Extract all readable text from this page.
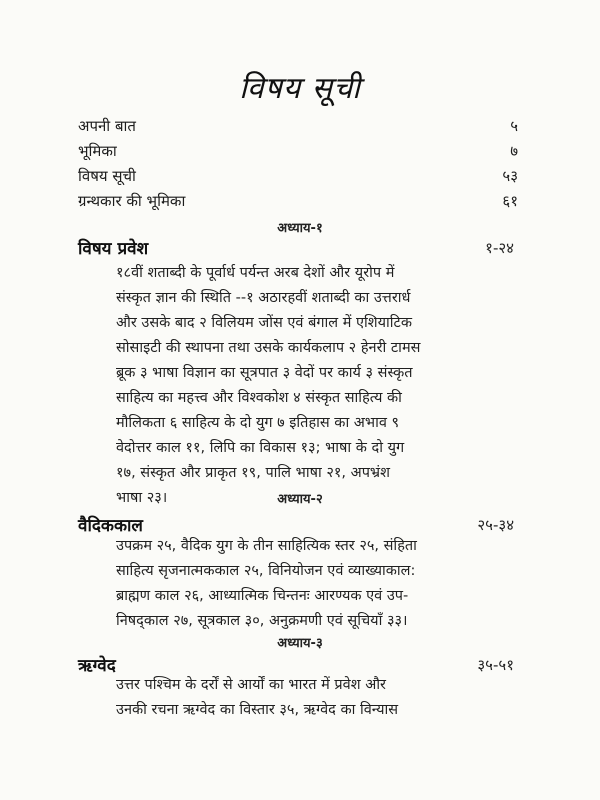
विषय सूची
अपनी बात	५
भूमिका	७
विषय सूची	५३
ग्रन्थकार की भूमिका	६१
अध्याय-१
विषय प्रवेश	१-२४
१८वीं शताब्दी के पूर्वार्ध पर्यन्त अरब देशों और यूरोप में
संस्कृत ज्ञान की स्थिति --१ अठारहवीं शताब्दी का उत्तरार्ध
और उसके बाद २ विलियम जोंस एवं बंगाल में एशियाटिक
सोसाइटी की स्थापना तथा उसके कार्यकलाप २ हेनरी टामस
ब्रूक ३ भाषा विज्ञान का सूत्रपात ३ वेदों पर कार्य ३ संस्कृत
साहित्य का महत्त्व और विश्वकोश ४ संस्कृत साहित्य की
मौलिकता ६ साहित्य के दो युग ७ इतिहास का अभाव ९
वेदोत्तर काल ११, लिपि का विकास १३; भाषा के दो युग
१७, संस्कृत और प्राकृत १९, पालि भाषा २१, अपभ्रंश
भाषा २३।	अध्याय-२
वैदिककाल	२५-३४
उपक्रम २५, वैदिक युग के तीन साहित्यिक स्तर २५, संहिता
साहित्य सृजनात्मककाल २५, विनियोजन एवं व्याख्याकाल:
ब्राह्मण काल २६, आध्यात्मिक चिन्तनः आरण्यक एवं उप-
निषद्काल २७, सूत्रकाल ३०, अनुक्रमणी एवं सूचियाँ ३३।
अध्याय-३
ऋग्वेद	३५-५१
उत्तर पश्चिम के दर्रों से आर्यों का भारत में प्रवेश और
उनकी रचना ऋग्वेद का विस्तार ३५, ऋग्वेद का विन्यास
